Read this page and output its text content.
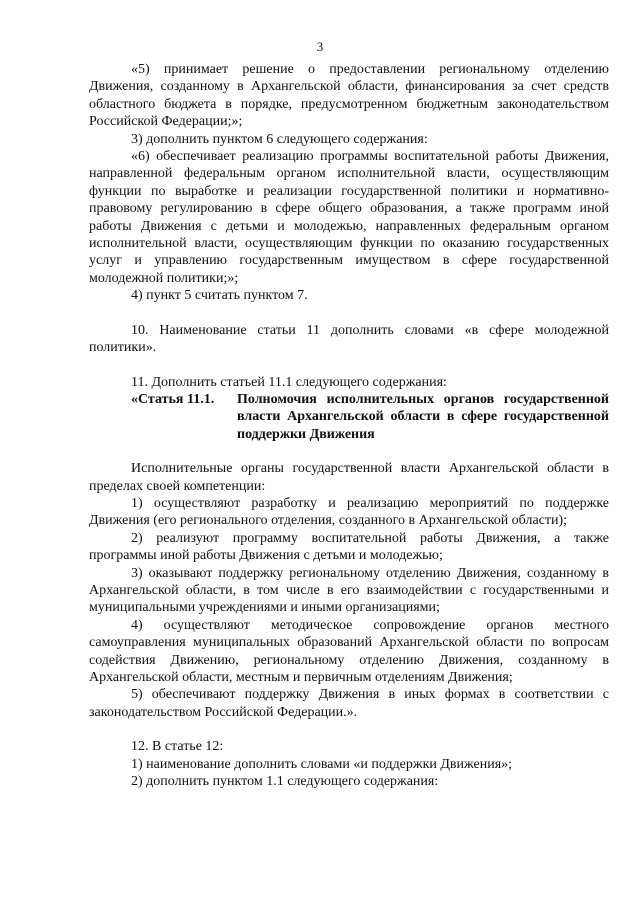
3

«5) принимает решение о предоставлении региональному отделению Движения, созданному в Архангельской области, финансирования за счет средств областного бюджета в порядке, предусмотренном бюджетным законодательством Российской Федерации;»;

3) дополнить пунктом 6 следующего содержания:

«6) обеспечивает реализацию программы воспитательной работы Движения, направленной федеральным органом исполнительной власти, осуществляющим функции по выработке и реализации государственной политики и нормативно-правовому регулированию в сфере общего образования, а также программ иной работы Движения с детьми и молодежью, направленных федеральным органом исполнительной власти, осуществляющим функции по оказанию государственных услуг и управлению государственным имуществом в сфере государственной молодежной политики;»;

4) пункт 5 считать пунктом 7.

10. Наименование статьи 11 дополнить словами «в сфере молодежной политики».

11. Дополнить статьей 11.1 следующего содержания:

«Статья 11.1.	Полномочия исполнительных органов государственной власти Архангельской области в сфере государственной поддержки Движения

Исполнительные органы государственной власти Архангельской области в пределах своей компетенции:

1) осуществляют разработку и реализацию мероприятий по поддержке Движения (его регионального отделения, созданного в Архангельской области);

2) реализуют программу воспитательной работы Движения, а также программы иной работы Движения с детьми и молодежью;

3) оказывают поддержку региональному отделению Движения, созданному в Архангельской области, в том числе в его взаимодействии с государственными и муниципальными учреждениями и иными организациями;

4) осуществляют методическое сопровождение органов местного самоуправления муниципальных образований Архангельской области по вопросам содействия Движению, региональному отделению Движения, созданному в Архангельской области, местным и первичным отделениям Движения;

5) обеспечивают поддержку Движения в иных формах в соответствии с законодательством Российской Федерации.».

12. В статье 12:

1) наименование дополнить словами «и поддержки Движения»;

2) дополнить пунктом 1.1 следующего содержания:
